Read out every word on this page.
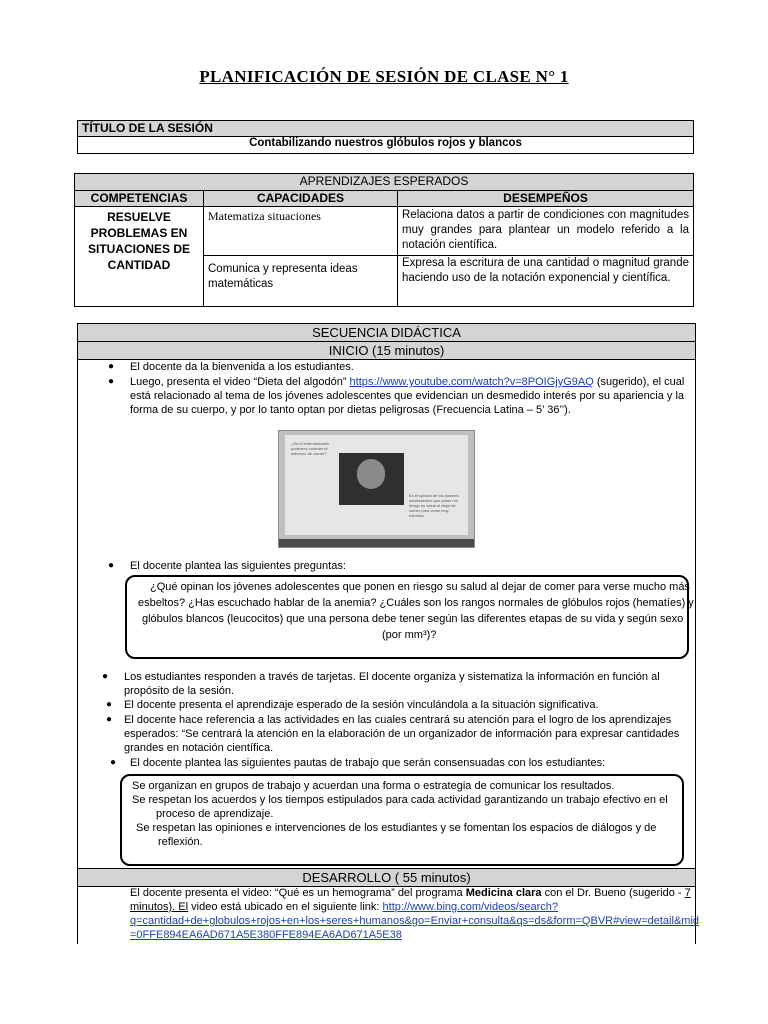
PLANIFICACIÓN DE SESIÓN DE CLASE N° 1
TÍTULO DE LA SESIÓN
Contabilizando nuestros glóbulos rojos y blancos
APRENDIZAJES ESPERADOS		
COMPETENCIAS	CAPACIDADES	DESEMPEÑOS
RESUELVE PROBLEMAS EN SITUACIONES DE CANTIDAD	Matematiza situaciones	Relaciona datos a partir de condiciones con magnitudes muy grandes para plantear un modelo referido a la notación científica.
	Comunica y representa ideas matemáticas	Expresa la escritura de una cantidad o magnitud grande haciendo uso de la notación exponencial y científica.
SECUENCIA DIDÁCTICA
INICIO (15 minutos)
DESARROLLO ( 55 minutos)
● El docente da la bienvenida a los estudiantes.
● Luego, presenta el video “Dieta del algodón” https://www.youtube.com/watch?v=8POIGjyG9AQ (sugerido), el cual
está relacionado al tema de los jóvenes adolescentes que evidencian un desmedido interés por su apariencia y la
forma de su cuerpo, y por lo tanto optan por dietas peligrosas (Frecuencia Latina – 5’ 36’’).
¿Es el enfermedades podemos contraer el esfuerzo de comer?
Es el opinion de los jóvenes adolescentes que ponen en riesgo su salud al dejar de comer para verse muy esbeltos
● El docente plantea las siguientes preguntas:
¿Qué opinan los jóvenes adolescentes que ponen en riesgo su salud al dejar de comer para verse mucho más
esbeltos? ¿Has escuchado hablar de la anemia? ¿Cuáles son los rangos normales de glóbulos rojos (hematíes) y
glóbulos blancos (leucocitos) que una persona debe tener según las diferentes etapas de su vida y según sexo
(por mm³)?
● Los estudiantes responden a través de tarjetas. El docente organiza y sistematiza la información en función al
propósito de la sesión.
● El docente presenta el aprendizaje esperado de la sesión vinculándola a la situación significativa.
● El docente hace referencia a las actividades en las cuales centrará su atención para el logro de los aprendizajes
esperados: “Se centrará la atención en la elaboración de un organizador de información para expresar cantidades
grandes en notación científica.
● El docente plantea las siguientes pautas de trabajo que serán consensuadas con los estudiantes:
Se organizan en grupos de trabajo y acuerdan una forma o estrategia de comunicar los resultados.
Se respetan los acuerdos y los tiempos estipulados para cada actividad garantizando un trabajo efectivo en el
proceso de aprendizaje.
Se respetan las opiniones e intervenciones de los estudiantes y se fomentan los espacios de diálogos y de
reflexión.
El docente presenta el video: “Qué es un hemograma” del programa Medicina clara con el Dr. Bueno (sugerido - 7
minutos). El video está ubicado en el siguiente link: http://www.bing.com/videos/search?
q=cantidad+de+globulos+rojos+en+los+seres+humanos&go=Enviar+consulta&qs=ds&form=QBVR#view=detail&mid
=0FFE894EA6AD671A5E380FFE894EA6AD671A5E38
